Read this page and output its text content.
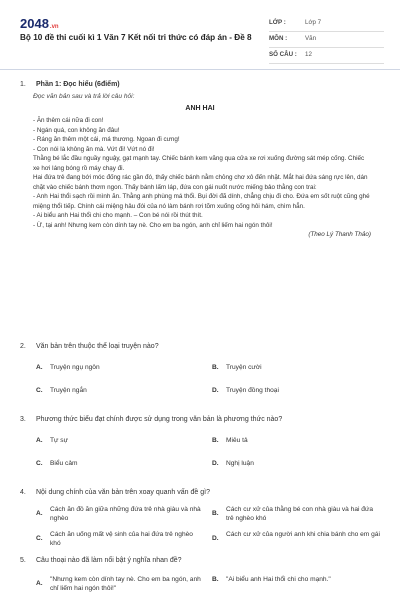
2048.vn
Bộ 10 đề thi cuối kì 1 Văn 7 Kết nối tri thức có đáp án - Đề 8
LỚP :	Lớp 7
MÔN :	Văn
SỐ CÂU :	12
1. Phần 1: Đọc hiểu (6điểm)
Đọc văn bản sau và trả lời câu hỏi:
ANH HAI

- Ăn thêm cái nữa đi con!

- Ngán quá, con không ăn đâu!

- Ráng ăn thêm một cái, má thương. Ngoan đi cưng!

- Con nói là không ăn mà. Vứt đi! Vứt nó đi!

Thằng bé lắc đầu nguầy nguậy, gạt mạnh tay. Chiếc bánh kem văng qua cửa xe rơi xuống đường sát mép cống. Chiếc xe hơi láng bóng rồ máy chạy đi.

Hai đứa trẻ đang bới móc đống rác gần đó, thấy chiếc bánh nằm chỏng chơ xô đến nhặt. Mắt hai đứa sáng rực lên, dán chặt vào chiếc bánh thơm ngon. Thấy bánh lấm láp, đứa con gái nuốt nước miếng bảo thằng con trai:

- Anh Hai thổi sạch rồi mình ăn. Thằng anh phùng má thổi. Bụi đời đã dính, chẳng chịu đi cho. Đứa em sốt ruột cũng ghé miệng thổi tiếp. Chính cái miệng hâu đói của nó làm bánh rơi tõm xuống cống hôi hám, chìm hẳn.

- Ai biểu anh Hai thổi chi cho mạnh. – Con bé nói rồi thút thít.

- Ừ, tại anh! Nhưng kem còn dính tay nè. Cho em ba ngón, anh chỉ liếm hai ngón thôi!

(Theo Lý Thanh Thảo)

2. Văn bản trên thuộc thể loại truyện nào?
A. Truyện ngụ ngôn	B. Truyện cười
C. Truyện ngắn	D. Truyện đồng thoại
3. Phương thức biểu đạt chính được sử dụng trong văn bản là phương thức nào?
A. Tự sự	B. Miêu tả
C. Biểu cảm	D. Nghị luận
4. Nội dung chính của văn bản trên xoay quanh vấn đề gì?
A.
Cách ăn đồ ăn giữa những đứa trẻ nhà giàu và nhà nghèo
B.
Cách cư xử của thằng bé con nhà giàu và hai đứa trẻ nghèo khó
C.
Cách ăn uống mất vệ sinh của hai đứa trẻ nghèo khó
D.
Cách cư xử của người anh khi chia bánh cho em gái
5. Câu thoại nào đã làm nổi bật ý nghĩa nhan đề?
A.
"Nhưng kem còn dính tay nè. Cho em ba ngón, anh chỉ liếm hai ngón thôi!"
B.	"Ai biểu anh Hai thổi chi cho mạnh."
